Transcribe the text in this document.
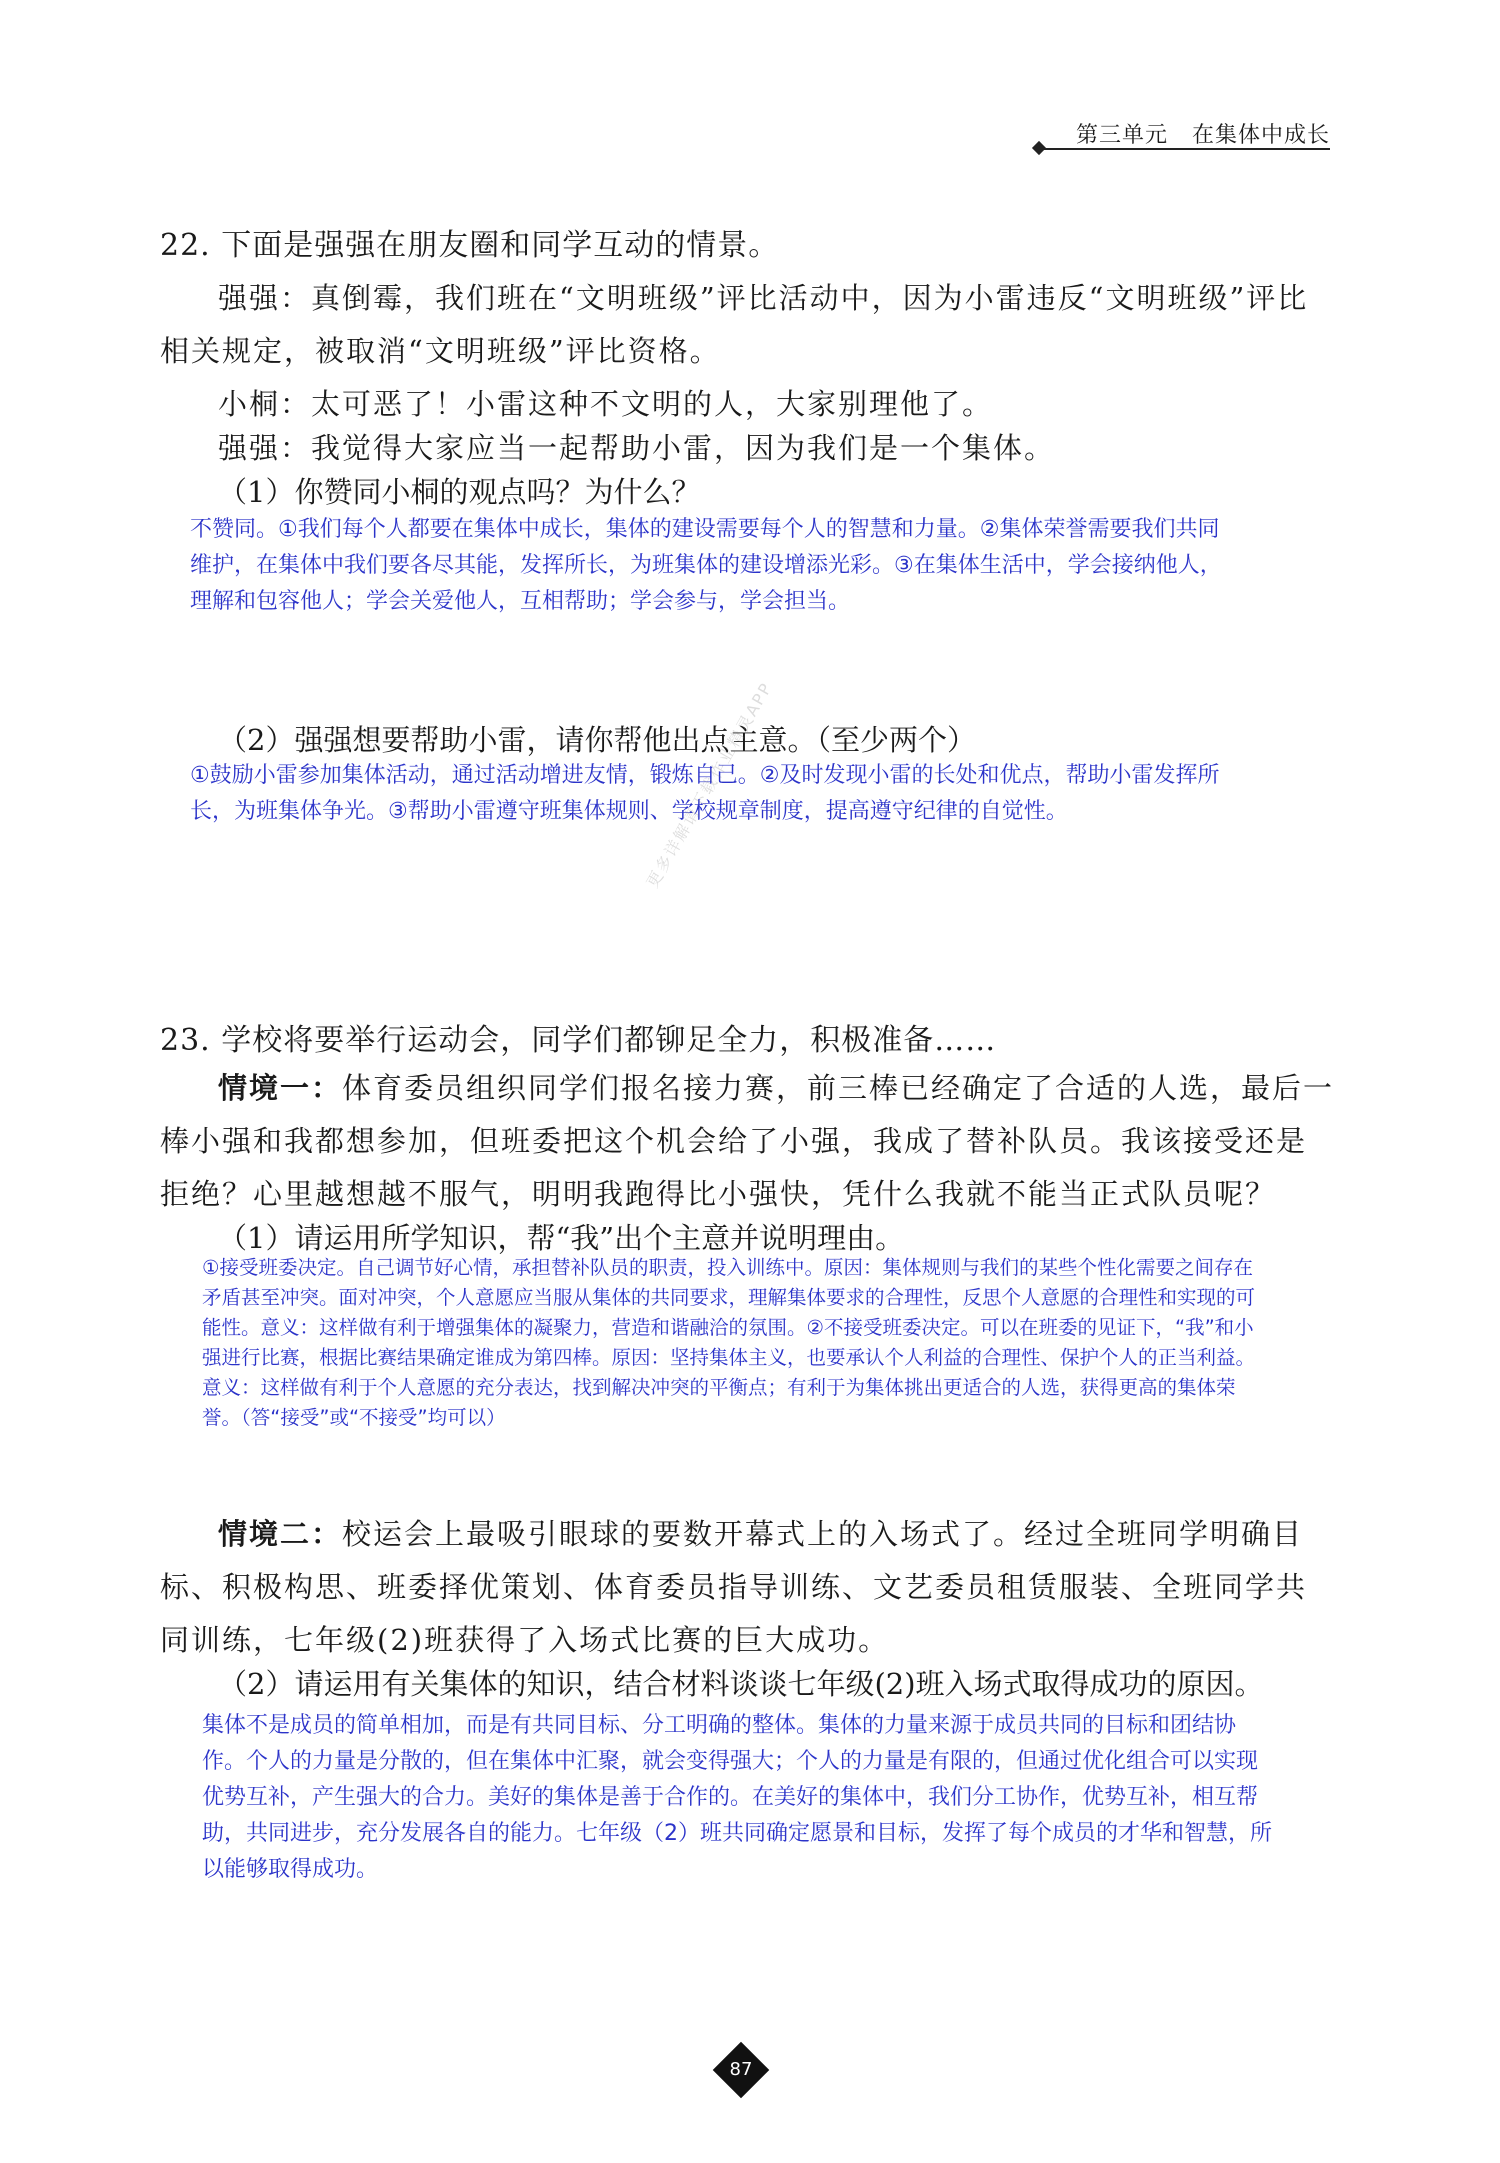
第三单元 在集体中成长
22. 下面是强强在朋友圈和同学互动的情景。
强强：真倒霉，我们班在“文明班级”评比活动中，因为小雷违反“文明班级”评比相关规定，被取消“文明班级”评比资格。
小桐：太可恶了！小雷这种不文明的人，大家别理他了。
强强：我觉得大家应当一起帮助小雷，因为我们是一个集体。
（1）你赞同小桐的观点吗？为什么？
不赞同。①我们每个人都要在集体中成长，集体的建设需要每个人的智慧和力量。②集体荣誉需要我们共同维护，在集体中我们要各尽其能，发挥所长，为班集体的建设增添光彩。③在集体生活中，学会接纳他人，理解和包容他人；学会关爱他人，互相帮助；学会参与，学会担当。
（2）强强想要帮助小雷，请你帮他出点主意。（至少两个）
①鼓励小雷参加集体活动，通过活动增进友情，锻炼自己。②及时发现小雷的长处和优点，帮助小雷发挥所长，为班集体争光。③帮助小雷遵守班集体规则、学校规章制度，提高遵守纪律的自觉性。
更多详解请下载作业精灵APP
23. 学校将要举行运动会，同学们都铆足全力，积极准备……
情境一：体育委员组织同学们报名接力赛，前三棒已经确定了合适的人选，最后一棒小强和我都想参加，但班委把这个机会给了小强，我成了替补队员。我该接受还是拒绝？心里越想越不服气，明明我跑得比小强快，凭什么我就不能当正式队员呢？
（1）请运用所学知识，帮“我”出个主意并说明理由。
①接受班委决定。自己调节好心情，承担替补队员的职责，投入训练中。原因：集体规则与我们的某些个性化需要之间存在矛盾甚至冲突。面对冲突，个人意愿应当服从集体的共同要求，理解集体要求的合理性，反思个人意愿的合理性和实现的可能性。意义：这样做有利于增强集体的凝聚力，营造和谐融洽的氛围。②不接受班委决定。可以在班委的见证下，“我”和小强进行比赛，根据比赛结果确定谁成为第四棒。原因：坚持集体主义，也要承认个人利益的合理性、保护个人的正当利益。意义：这样做有利于个人意愿的充分表达，找到解决冲突的平衡点；有利于为集体挑出更适合的人选，获得更高的集体荣誉。（答“接受”或“不接受”均可以）
情境二：校运会上最吸引眼球的要数开幕式上的入场式了。经过全班同学明确目标、积极构思、班委择优策划、体育委员指导训练、文艺委员租赁服装、全班同学共同训练，七年级(2)班获得了入场式比赛的巨大成功。
（2）请运用有关集体的知识，结合材料谈谈七年级(2)班入场式取得成功的原因。
集体不是成员的简单相加，而是有共同目标、分工明确的整体。集体的力量来源于成员共同的目标和团结协作。个人的力量是分散的，但在集体中汇聚，就会变得强大；个人的力量是有限的，但通过优化组合可以实现优势互补，产生强大的合力。美好的集体是善于合作的。在美好的集体中，我们分工协作，优势互补，相互帮助，共同进步，充分发展各自的能力。七年级（2）班共同确定愿景和目标，发挥了每个成员的才华和智慧，所以能够取得成功。
87
